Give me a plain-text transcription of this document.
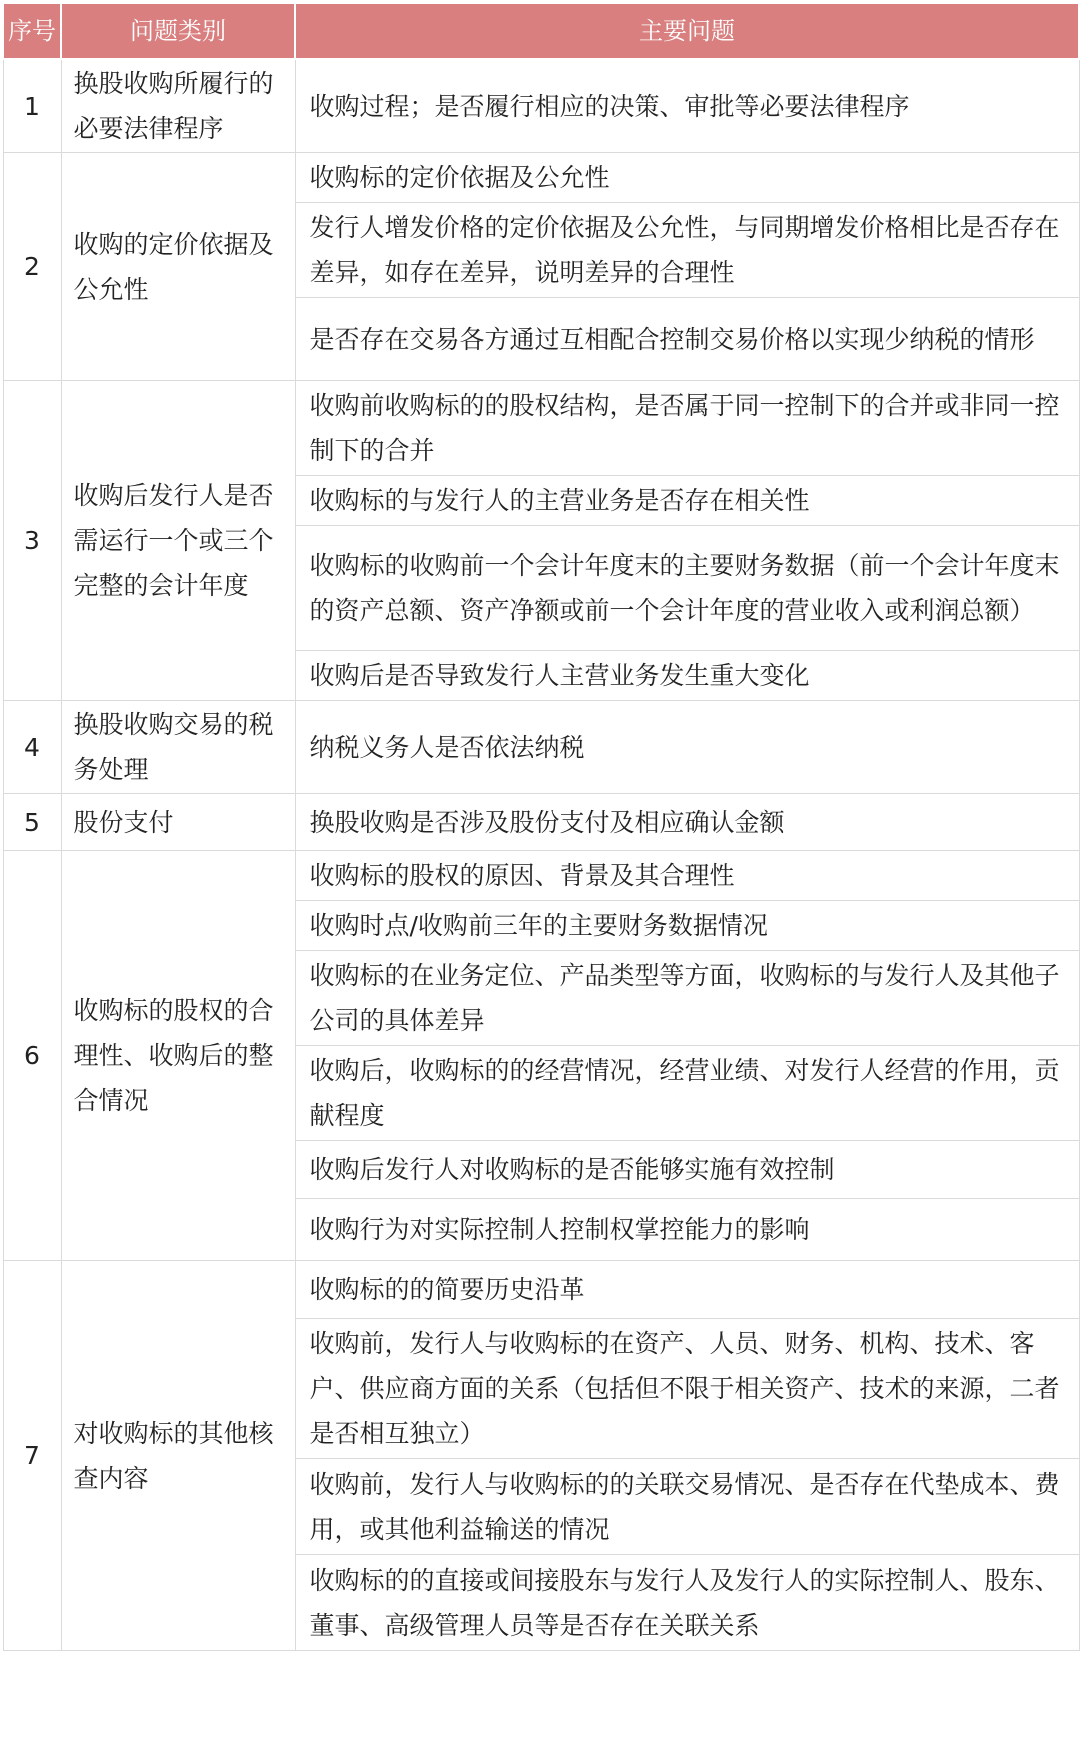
序号	问题类别	主要问题
1	换股收购所履行的必要法律程序	收购过程；是否履行相应的决策、审批等必要法律程序
2	收购的定价依据及公允性	收购标的定价依据及公允性
		发行人增发价格的定价依据及公允性，与同期增发价格相比是否存在差异，如存在差异，说明差异的合理性
		是否存在交易各方通过互相配合控制交易价格以实现少纳税的情形
3	收购后发行人是否需运行一个或三个完整的会计年度	收购前收购标的的股权结构，是否属于同一控制下的合并或非同一控制下的合并
		收购标的与发行人的主营业务是否存在相关性
		收购标的收购前一个会计年度末的主要财务数据（前一个会计年度末的资产总额、资产净额或前一个会计年度的营业收入或利润总额）
		收购后是否导致发行人主营业务发生重大变化
4	换股收购交易的税务处理	纳税义务人是否依法纳税
5	股份支付	换股收购是否涉及股份支付及相应确认金额
6	收购标的股权的合理性、收购后的整合情况	收购标的股权的原因、背景及其合理性
		收购时点/收购前三年的主要财务数据情况
		收购标的在业务定位、产品类型等方面，收购标的与发行人及其他子公司的具体差异
		收购后，收购标的的经营情况，经营业绩、对发行人经营的作用，贡献程度
		收购后发行人对收购标的是否能够实施有效控制
		收购行为对实际控制人控制权掌控能力的影响
7	对收购标的其他核查内容	收购标的的简要历史沿革
		收购前，发行人与收购标的在资产、人员、财务、机构、技术、客户、供应商方面的关系（包括但不限于相关资产、技术的来源，二者是否相互独立）
		收购前，发行人与收购标的的关联交易情况、是否存在代垫成本、费用，或其他利益输送的情况
		收购标的的直接或间接股东与发行人及发行人的实际控制人、股东、董事、高级管理人员等是否存在关联关系
